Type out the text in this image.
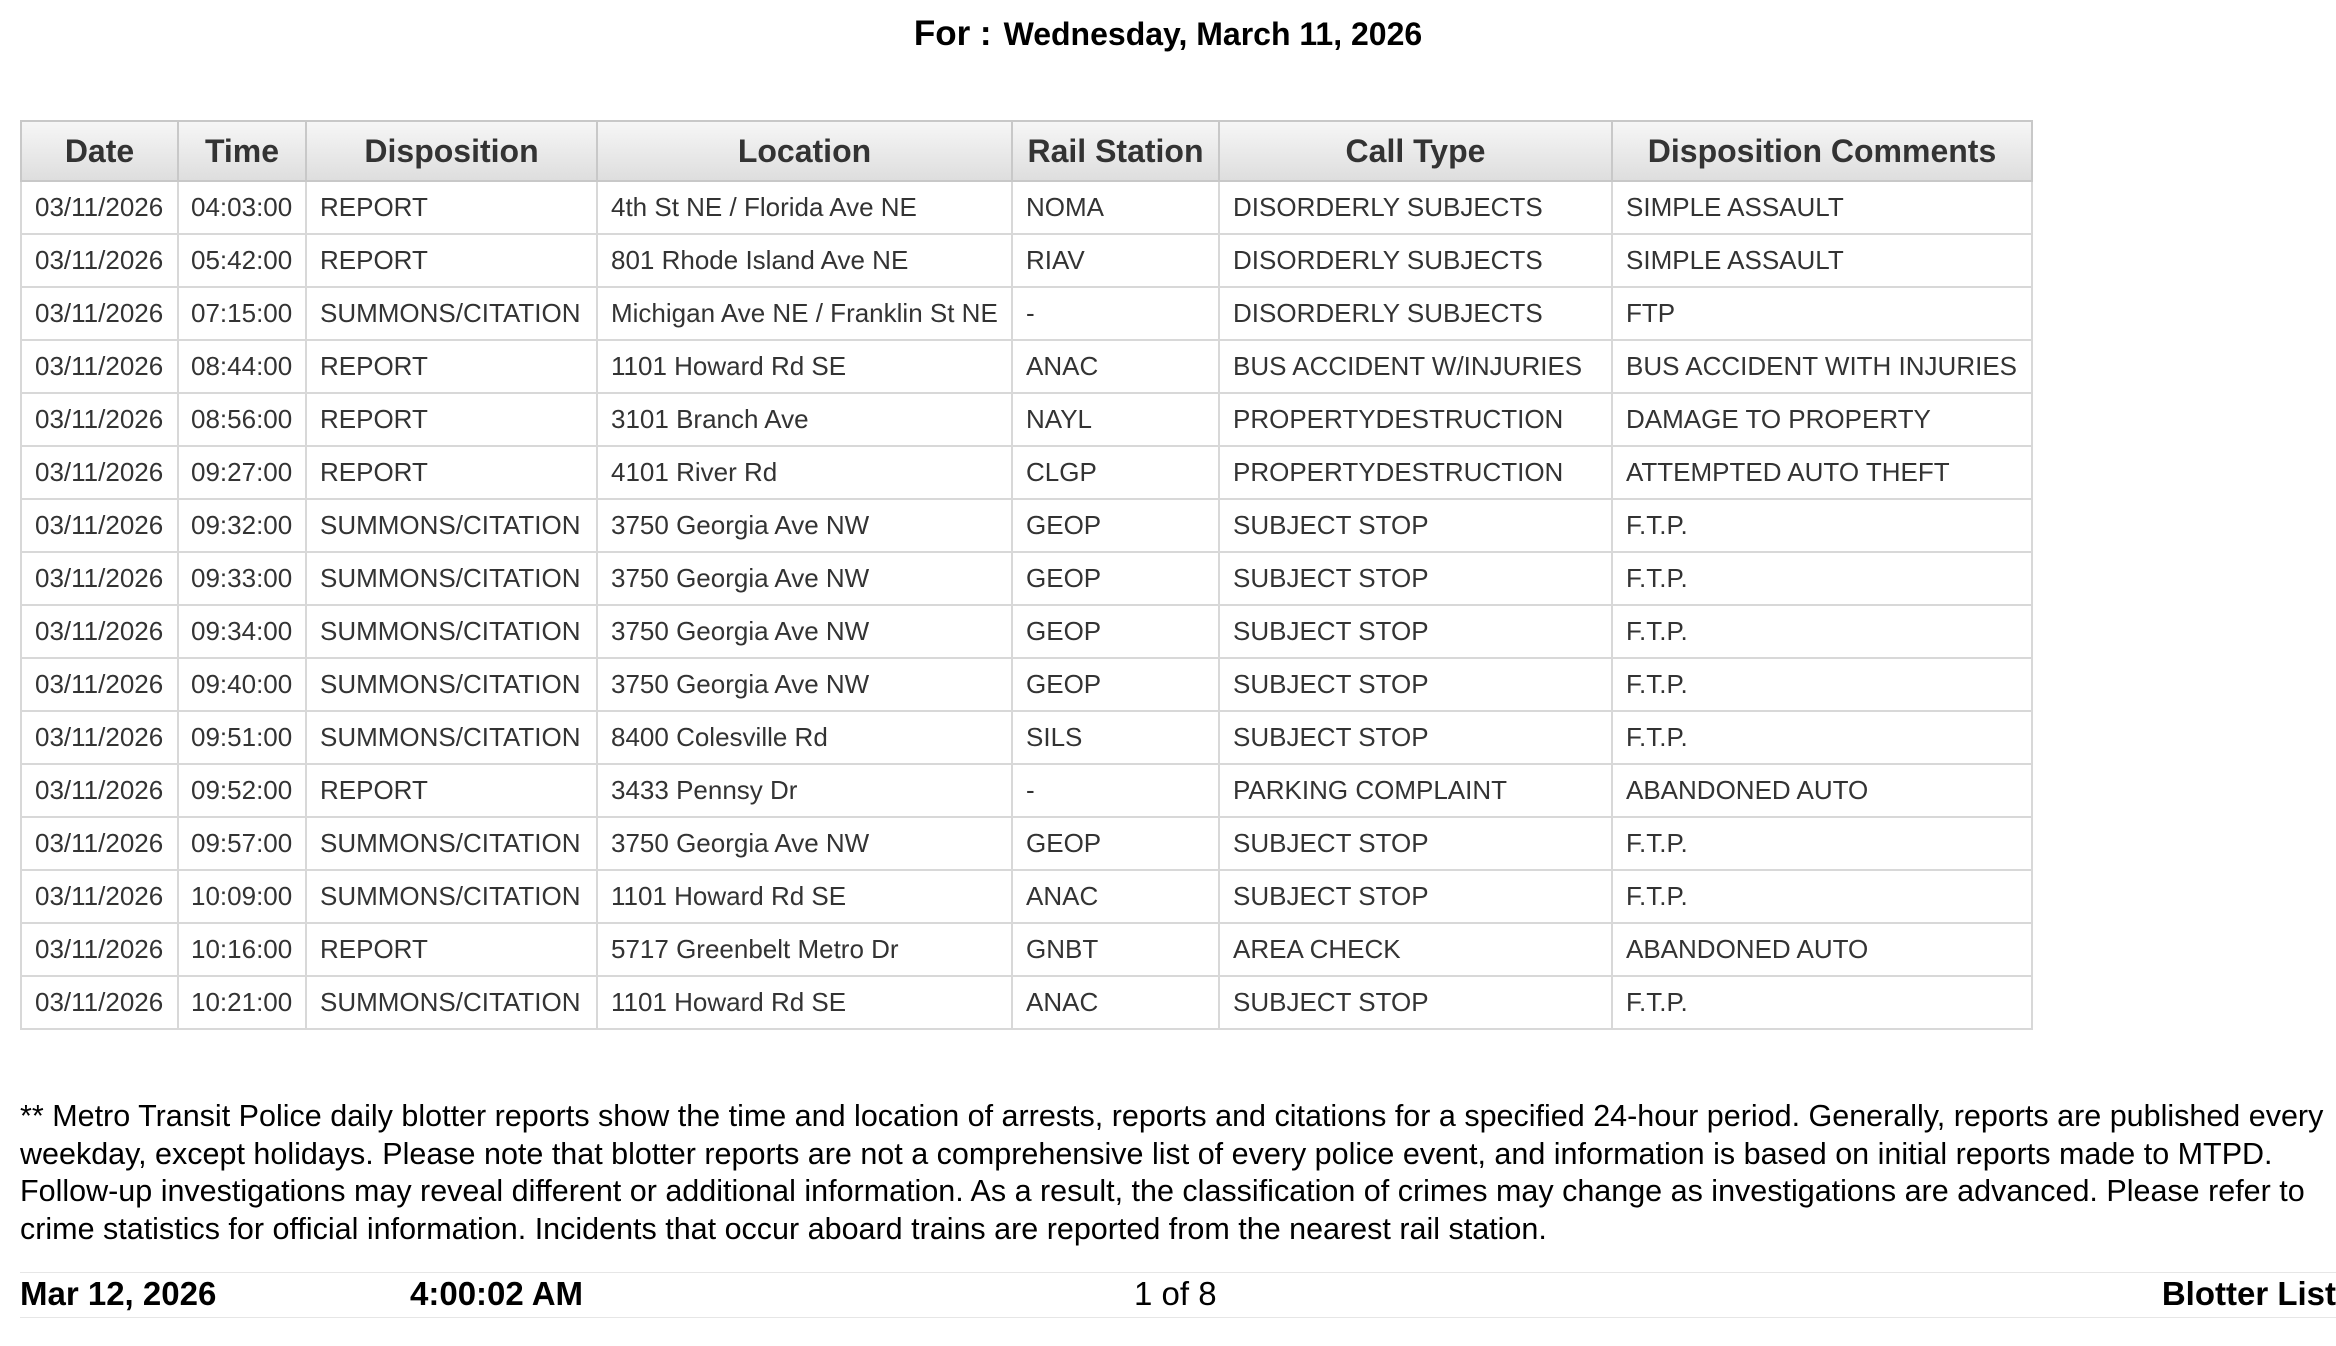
For : Wednesday, March 11, 2026
Date	Time	Disposition	Location	Rail Station	Call Type	Disposition Comments
03/11/2026	04:03:00	REPORT	4th St NE / Florida Ave NE	NOMA	DISORDERLY SUBJECTS	SIMPLE ASSAULT
03/11/2026	05:42:00	REPORT	801 Rhode Island Ave NE	RIAV	DISORDERLY SUBJECTS	SIMPLE ASSAULT
03/11/2026	07:15:00	SUMMONS/CITATION	Michigan Ave NE / Franklin St NE	-	DISORDERLY SUBJECTS	FTP
03/11/2026	08:44:00	REPORT	1101 Howard Rd SE	ANAC	BUS ACCIDENT W/INJURIES	BUS ACCIDENT WITH INJURIES
03/11/2026	08:56:00	REPORT	3101 Branch Ave	NAYL	PROPERTYDESTRUCTION	DAMAGE TO PROPERTY
03/11/2026	09:27:00	REPORT	4101 River Rd	CLGP	PROPERTYDESTRUCTION	ATTEMPTED AUTO THEFT
03/11/2026	09:32:00	SUMMONS/CITATION	3750 Georgia Ave NW	GEOP	SUBJECT STOP	F.T.P.
03/11/2026	09:33:00	SUMMONS/CITATION	3750 Georgia Ave NW	GEOP	SUBJECT STOP	F.T.P.
03/11/2026	09:34:00	SUMMONS/CITATION	3750 Georgia Ave NW	GEOP	SUBJECT STOP	F.T.P.
03/11/2026	09:40:00	SUMMONS/CITATION	3750 Georgia Ave NW	GEOP	SUBJECT STOP	F.T.P.
03/11/2026	09:51:00	SUMMONS/CITATION	8400 Colesville Rd	SILS	SUBJECT STOP	F.T.P.
03/11/2026	09:52:00	REPORT	3433 Pennsy Dr	-	PARKING COMPLAINT	ABANDONED AUTO
03/11/2026	09:57:00	SUMMONS/CITATION	3750 Georgia Ave NW	GEOP	SUBJECT STOP	F.T.P.
03/11/2026	10:09:00	SUMMONS/CITATION	1101 Howard Rd SE	ANAC	SUBJECT STOP	F.T.P.
03/11/2026	10:16:00	REPORT	5717 Greenbelt Metro Dr	GNBT	AREA CHECK	ABANDONED AUTO
03/11/2026	10:21:00	SUMMONS/CITATION	1101 Howard Rd SE	ANAC	SUBJECT STOP	F.T.P.
** Metro Transit Police daily blotter reports show the time and location of arrests, reports and citations for a specified 24-hour period. Generally, reports are published every weekday, except holidays. Please note that blotter reports are not a comprehensive list of every police event, and information is based on initial reports made to MTPD. Follow-up investigations may reveal different or additional information. As a result, the classification of crimes may change as investigations are advanced. Please refer to crime statistics for official information. Incidents that occur aboard trains are reported from the nearest rail station.
Mar 12, 2026	4:00:02 AM	1 of 8	Blotter List
